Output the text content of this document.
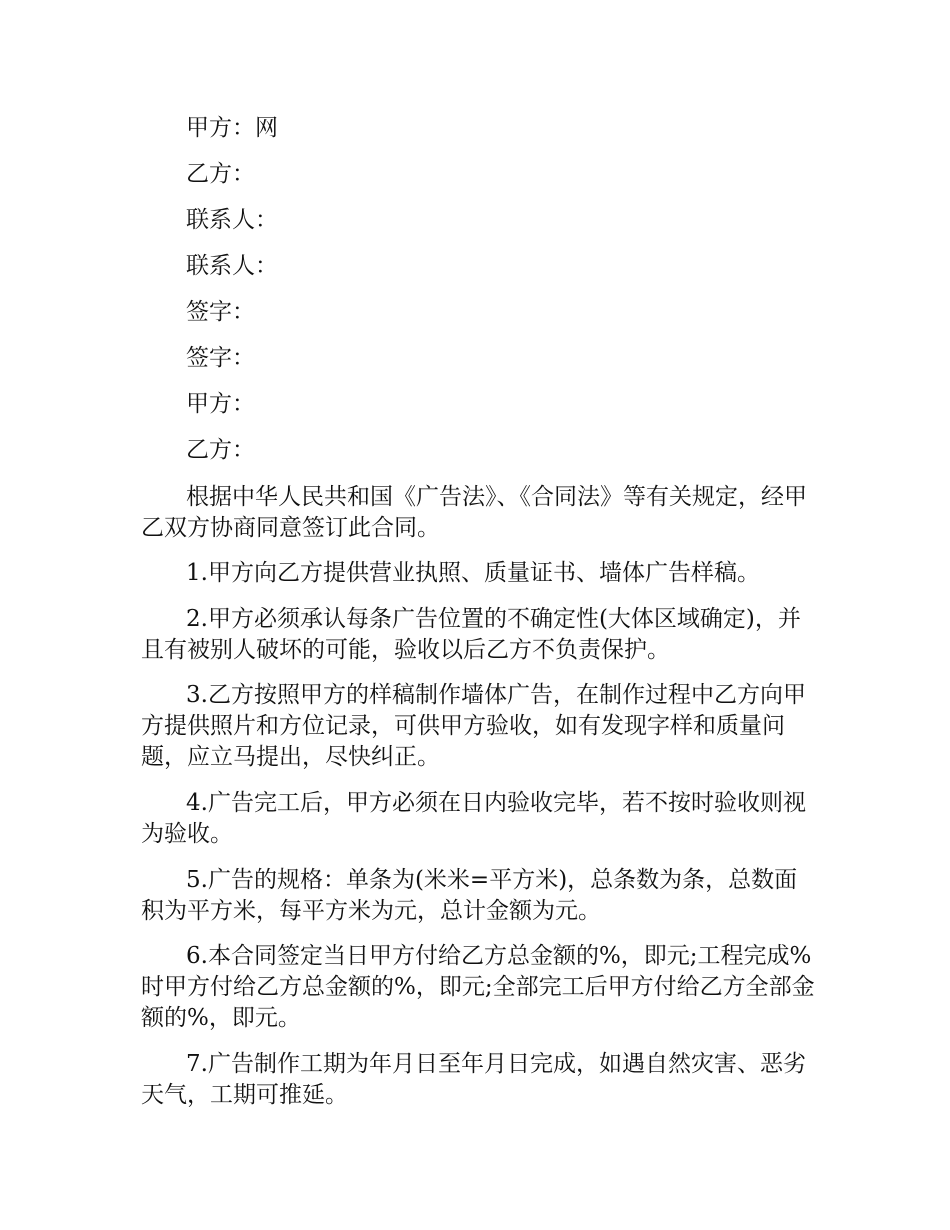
甲方：网

乙方：

联系人：

联系人：

签字：

签字：

甲方：

乙方：

根据中华人民共和国《广告法》、《合同法》等有关规定，经甲乙双方协商同意签订此合同。

1.甲方向乙方提供营业执照、质量证书、墙体广告样稿。

2.甲方必须承认每条广告位置的不确定性(大体区域确定)，并且有被别人破坏的可能，验收以后乙方不负责保护。

3.乙方按照甲方的样稿制作墙体广告，在制作过程中乙方向甲方提供照片和方位记录，可供甲方验收，如有发现字样和质量问题，应立马提出，尽快纠正。

4.广告完工后，甲方必须在日内验收完毕，若不按时验收则视为验收。

5.广告的规格：单条为(米米=平方米)，总条数为条，总数面积为平方米，每平方米为元，总计金额为元。

6.本合同签定当日甲方付给乙方总金额的%，即元;工程完成%时甲方付给乙方总金额的%，即元;全部完工后甲方付给乙方全部金额的%，即元。

7.广告制作工期为年月日至年月日完成，如遇自然灾害、恶劣天气，工期可推延。
